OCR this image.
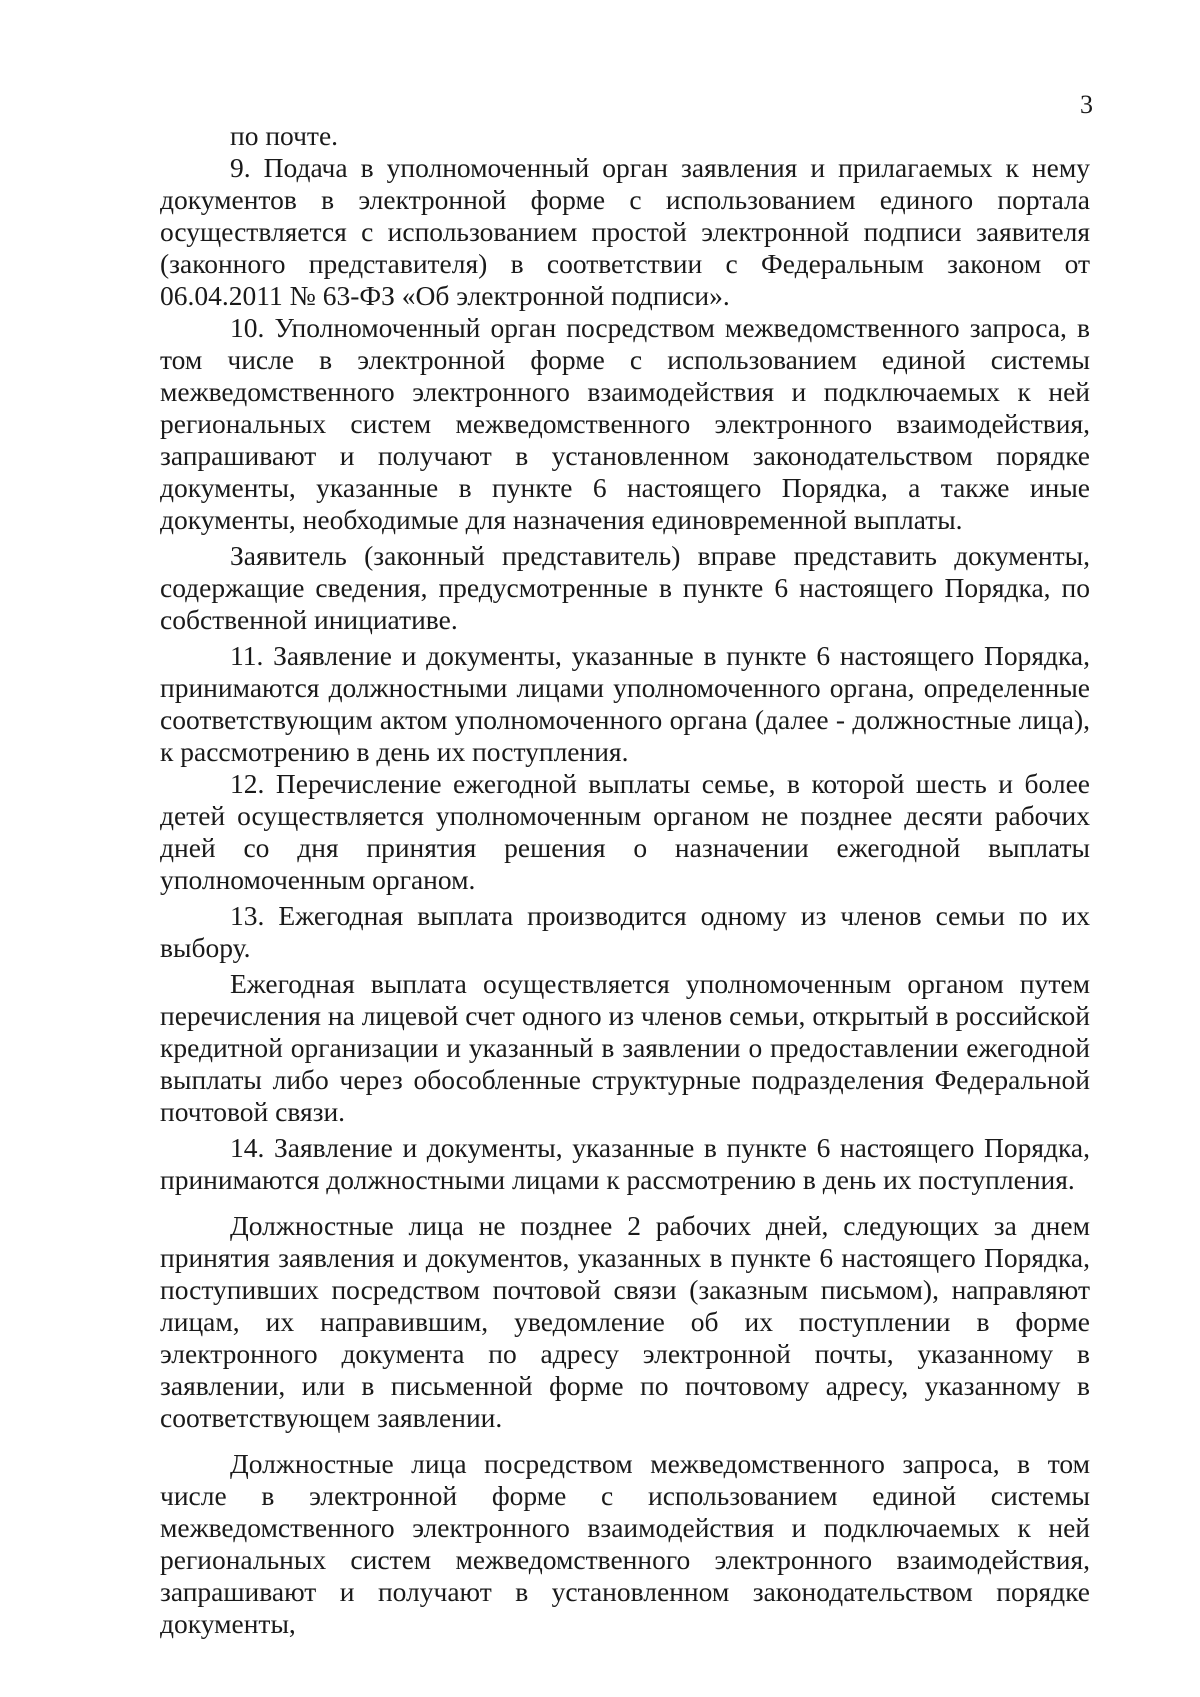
3

по почте.

9. Подача в уполномоченный орган заявления и прилагаемых к нему документов в электронной форме с использованием единого портала осуществляется с использованием простой электронной подписи заявителя (законного представителя) в соответствии с Федеральным законом от 06.04.2011 № 63-ФЗ «Об электронной подписи».

10. Уполномоченный орган посредством межведомственного запроса, в том числе в электронной форме с использованием единой системы межведомственного электронного взаимодействия и подключаемых к ней региональных систем межведомственного электронного взаимодействия, запрашивают и получают в установленном законодательством порядке документы, указанные в пункте 6 настоящего Порядка, а также иные документы, необходимые для назначения единовременной выплаты.

Заявитель (законный представитель) вправе представить документы, содержащие сведения, предусмотренные в пункте 6 настоящего Порядка, по собственной инициативе.

11. Заявление и документы, указанные в пункте 6 настоящего Порядка, принимаются должностными лицами уполномоченного органа, определенные соответствующим актом уполномоченного органа (далее - должностные лица), к рассмотрению в день их поступления.

12. Перечисление ежегодной выплаты семье, в которой шесть и более детей осуществляется уполномоченным органом не позднее десяти рабочих дней со дня принятия решения о назначении ежегодной выплаты уполномоченным органом.

13. Ежегодная выплата производится одному из членов семьи по их выбору.

Ежегодная выплата осуществляется уполномоченным органом путем перечисления на лицевой счет одного из членов семьи, открытый в российской кредитной организации и указанный в заявлении о предоставлении ежегодной выплаты либо через обособленные структурные подразделения Федеральной почтовой связи.

14. Заявление и документы, указанные в пункте 6 настоящего Порядка, принимаются должностными лицами к рассмотрению в день их поступления.

Должностные лица не позднее 2 рабочих дней, следующих за днем принятия заявления и документов, указанных в пункте 6 настоящего Порядка, поступивших посредством почтовой связи (заказным письмом), направляют лицам, их направившим, уведомление об их поступлении в форме электронного документа по адресу электронной почты, указанному в заявлении, или в письменной форме по почтовому адресу, указанному в соответствующем заявлении.

Должностные лица посредством межведомственного запроса, в том числе в электронной форме с использованием единой системы межведомственного электронного взаимодействия и подключаемых к ней региональных систем межведомственного электронного взаимодействия, запрашивают и получают в установленном законодательством порядке документы,
